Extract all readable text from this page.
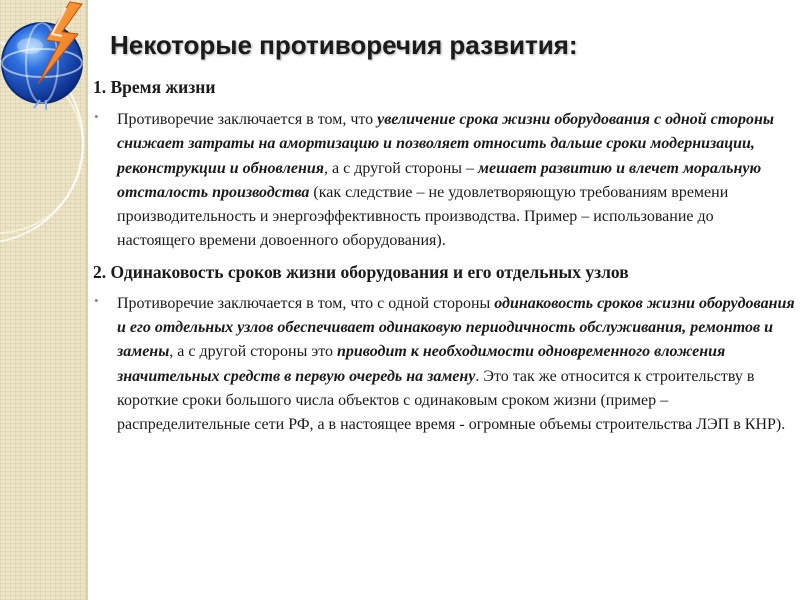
Некоторые противоречия развития:

1. Время жизни

• Противоречие заключается в том, что увеличение срока жизни оборудования с одной стороны снижает затраты на амортизацию и позволяет относить дальше сроки модернизации, реконструкции и обновления, а с другой стороны – мешает развитию и влечет моральную отсталость производства (как следствие – не удовлетворяющую требованиям времени производительность и энергоэффективность производства. Пример – использование до настоящего времени довоенного оборудования).

2. Одинаковость сроков жизни оборудования и его отдельных узлов

• Противоречие заключается в том, что с одной стороны одинаковость сроков жизни оборудования и его отдельных узлов обеспечивает одинаковую периодичность обслуживания, ремонтов и замены, а с другой стороны это приводит к необходимости одновременного вложения значительных средств в первую очередь на замену. Это так же относится к строительству в короткие сроки большого числа объектов с одинаковым сроком жизни (пример – распределительные сети РФ, а в настоящее время - огромные объемы строительства ЛЭП в КНР).
